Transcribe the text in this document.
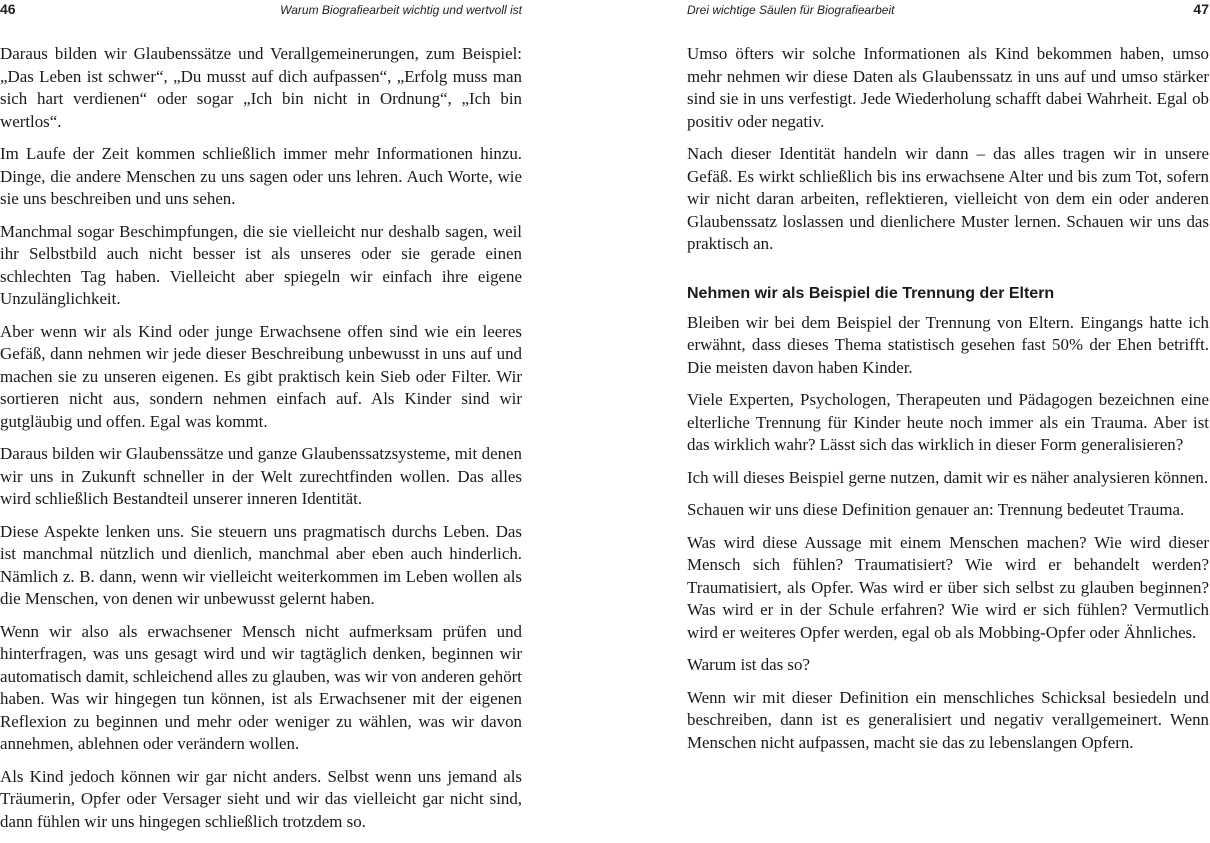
46	Warum Biografiearbeit wichtig und wertvoll ist

Daraus bilden wir Glaubenssätze und Verallgemeinerungen, zum Beispiel: „Das Leben ist schwer“, „Du musst auf dich aufpassen“, „Erfolg muss man sich hart verdienen“ oder sogar „Ich bin nicht in Ordnung“, „Ich bin wertlos“.

Im Laufe der Zeit kommen schließlich immer mehr Informationen hinzu. Dinge, die andere Menschen zu uns sagen oder uns lehren. Auch Worte, wie sie uns beschreiben und uns sehen.

Manchmal sogar Beschimpfungen, die sie vielleicht nur deshalb sagen, weil ihr Selbstbild auch nicht besser ist als unseres oder sie gerade einen schlechten Tag haben. Vielleicht aber spiegeln wir einfach ihre eigene Unzulänglichkeit.

Aber wenn wir als Kind oder junge Erwachsene offen sind wie ein leeres Gefäß, dann nehmen wir jede dieser Beschreibung unbewusst in uns auf und machen sie zu unseren eigenen. Es gibt praktisch kein Sieb oder Filter. Wir sortieren nicht aus, sondern nehmen einfach auf. Als Kinder sind wir gutgläubig und offen. Egal was kommt.

Daraus bilden wir Glaubenssätze und ganze Glaubenssatzsysteme, mit denen wir uns in Zukunft schneller in der Welt zurechtfinden wollen. Das alles wird schließlich Bestandteil unserer inneren Identität.

Diese Aspekte lenken uns. Sie steuern uns pragmatisch durchs Leben. Das ist manchmal nützlich und dienlich, manchmal aber eben auch hinderlich. Nämlich z. B. dann, wenn wir vielleicht weiterkommen im Leben wollen als die Menschen, von denen wir unbewusst gelernt haben.

Wenn wir also als erwachsener Mensch nicht aufmerksam prüfen und hinterfragen, was uns gesagt wird und wir tagtäglich denken, beginnen wir automatisch damit, schleichend alles zu glauben, was wir von anderen gehört haben. Was wir hingegen tun können, ist als Erwachsener mit der eigenen Reflexion zu beginnen und mehr oder weniger zu wählen, was wir davon annehmen, ablehnen oder verändern wollen.

Als Kind jedoch können wir gar nicht anders. Selbst wenn uns jemand als Träumerin, Opfer oder Versager sieht und wir das vielleicht gar nicht sind, dann fühlen wir uns hingegen schließlich trotzdem so.

Drei wichtige Säulen für Biografiearbeit	47

Umso öfters wir solche Informationen als Kind bekommen haben, umso mehr nehmen wir diese Daten als Glaubenssatz in uns auf und umso stärker sind sie in uns verfestigt. Jede Wiederholung schafft dabei Wahrheit. Egal ob positiv oder negativ.

Nach dieser Identität handeln wir dann – das alles tragen wir in unsere Gefäß. Es wirkt schließlich bis ins erwachsene Alter und bis zum Tot, sofern wir nicht daran arbeiten, reflektieren, vielleicht von dem ein oder anderen Glaubenssatz loslassen und dienlichere Muster lernen. Schauen wir uns das praktisch an.

Nehmen wir als Beispiel die Trennung der Eltern

Bleiben wir bei dem Beispiel der Trennung von Eltern. Eingangs hatte ich erwähnt, dass dieses Thema statistisch gesehen fast 50% der Ehen betrifft. Die meisten davon haben Kinder.

Viele Experten, Psychologen, Therapeuten und Pädagogen bezeichnen eine elterliche Trennung für Kinder heute noch immer als ein Trauma. Aber ist das wirklich wahr? Lässt sich das wirklich in dieser Form generalisieren?

Ich will dieses Beispiel gerne nutzen, damit wir es näher analysieren können.

Schauen wir uns diese Definition genauer an: Trennung bedeutet Trauma.

Was wird diese Aussage mit einem Menschen machen? Wie wird dieser Mensch sich fühlen? Traumatisiert? Wie wird er behandelt werden? Traumatisiert, als Opfer. Was wird er über sich selbst zu glauben beginnen? Was wird er in der Schule erfahren? Wie wird er sich fühlen? Vermutlich wird er weiteres Opfer werden, egal ob als Mobbing-Opfer oder Ähnliches.

Warum ist das so?

Wenn wir mit dieser Definition ein menschliches Schicksal besiedeln und beschreiben, dann ist es generalisiert und negativ verallgemeinert. Wenn Menschen nicht aufpassen, macht sie das zu lebenslangen Opfern.
